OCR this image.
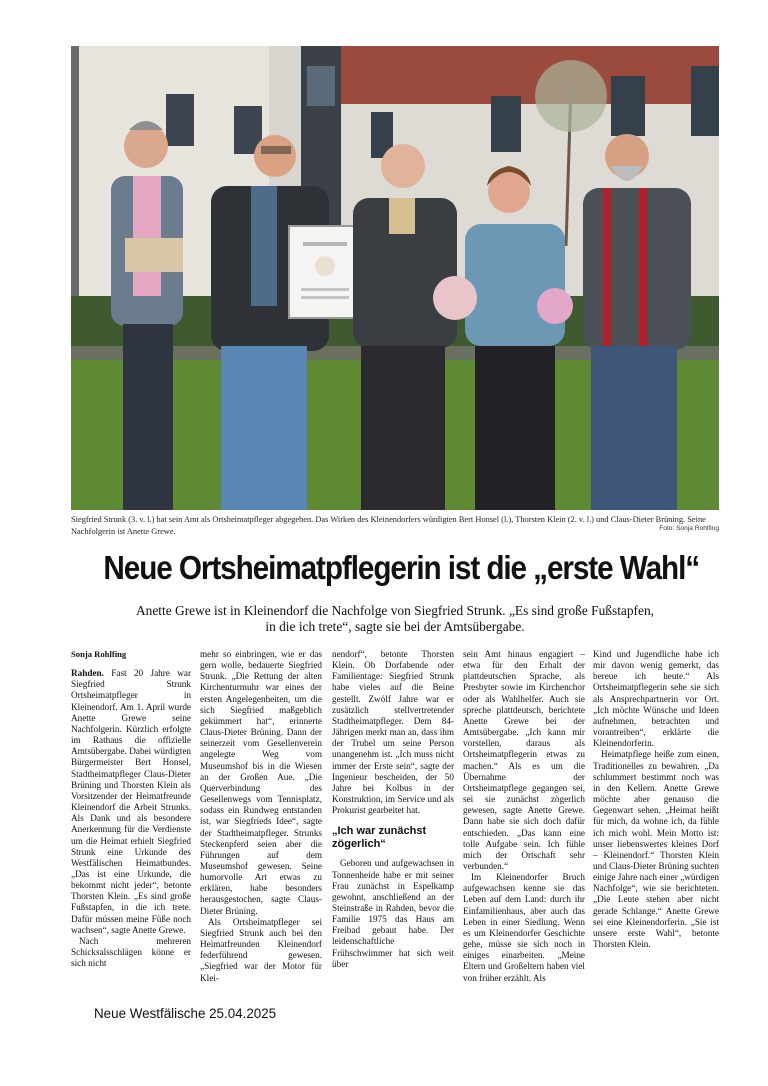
Siegfried Strunk (3. v. l.) hat sein Amt als Ortsheimatpfleger abgegeben. Das Wirken des Kleinendorfers würdigten Bert Honsel (l.), Thorsten Klein (2. v. l.) und Claus-Dieter Brüning. Seine Nachfolgerin ist Anette Grewe.	Foto: Sonja Rohlfing
Neue Ortsheimatpflegerin ist die „erste Wahl“
Anette Grewe ist in Kleinendorf die Nachfolge von Siegfried Strunk. „Es sind große Fußstapfen,
in die ich trete“, sagte sie bei der Amtsübergabe.

Sonja Rohlfing

Rahden. Fast 20 Jahre war Siegfried Strunk Ortsheimatpfleger in Kleinendorf. Am 1. April wurde Anette Grewe seine Nachfolgerin. Kürzlich erfolgte im Rathaus die offizielle Amtsübergabe. Dabei würdigten Bürgermeister Bert Honsel, Stadtheimatpfleger Claus-Dieter Brüning und Thorsten Klein als Vorsitzender der Heimatfreunde Kleinendorf die Arbeit Strunks. Als Dank und als besondere Anerkennung für die Verdienste um die Heimat erhielt Siegfried Strunk eine Urkunde des Westfälischen Heimatbundes. „Das ist eine Urkunde, die bekommt nicht jeder“, betonte Thorsten Klein. „Es sind große Fußstapfen, in die ich trete. Dafür müssen meine Füße noch wachsen“, sagte Anette Grewe.

Nach mehreren Schicksalsschlägen könne er sich nicht

mehr so einbringen, wie er das gern wolle, bedauerte Siegfried Strunk. „Die Rettung der alten Kirchenturmuhr war eines der ersten Angelegenheiten, um die sich Siegfried maßgeblich gekümmert hat“, erinnerte Claus-Dieter Brüning. Dann der seinerzeit vom Gesellenverein angelegte Weg vom Museumshof bis in die Wiesen an der Großen Aue. „Die Querverbindung des Gesellenwegs vom Tennisplatz, sodass ein Rundweg entstanden ist, war Siegfrieds Idee“, sagte der Stadtheimatpfleger. Strunks Steckenpferd seien aber die Führungen auf dem Museumshof gewesen. Seine humorvolle Art etwas zu erklären, habe besonders herausgestochen, sagte Claus-Dieter Brüning.

Als Ortsheimatpfleger sei Siegfried Strunk auch bei den Heimatfreunden Kleinendorf federführend gewesen. „Siegfried war der Motor für Klei-

nendorf“, betonte Thorsten Klein. Ob Dorfabende oder Familientage: Siegfried Strunk habe vieles auf die Beine gestellt. Zwölf Jahre war er zusätzlich stellvertretender Stadtheimatpfleger. Dem 84-Jährigen merkt man an, dass ihm der Trubel um seine Person unangenehm ist. „Ich muss nicht immer der Erste sein“, sagte der Ingenieur bescheiden, der 50 Jahre bei Kolbus in der Konstruktion, im Service und als Prokurist gearbeitet hat.

„Ich war zunächst zögerlich“

Geboren und aufgewachsen in Tonnenheide habe er mit seiner Frau zunächst in Espelkamp gewohnt, anschließend an der Steinstraße in Rahden, bevor die Familie 1975 das Haus am Freibad gebaut habe. Der leidenschaftliche Frühschwimmer hat sich weit über

sein Amt hinaus engagiert – etwa für den Erhalt der plattdeutschen Sprache, als Presbyter sowie im Kirchenchor oder als Wahlhelfer. Auch sie spreche plattdeutsch, berichtete Anette Grewe bei der Amtsübergabe. „Ich kann mir vorstellen, daraus als Ortsheimatpflegerin etwas zu machen.“ Als es um die Übernahme der Ortsheimatpflege gegangen sei, sei sie zunächst zögerlich gewesen, sagte Anette Grewe. Dann habe sie sich doch dafür entschieden. „Das kann eine tolle Aufgabe sein. Ich fühle mich der Ortschaft sehr verbunden.“

Im Kleinendorfer Bruch aufgewachsen kenne sie das Leben auf dem Land: durch ihr Einfamilienhaus, aber auch das Leben in einer Siedlung. Wenn es um Kleinendorfer Geschichte gehe, müsse sie sich noch in einiges einarbeiten. „Meine Eltern und Großeltern haben viel von früher erzählt. Als

Kind und Jugendliche habe ich mir davon wenig gemerkt, das bereue ich heute.“ Als Ortsheimatpflegerin sehe sie sich als Ansprechpartnerin vor Ort. „Ich möchte Wünsche und Ideen aufnehmen, betrachten und vorantreiben“, erklärte die Kleinendorferin.

Heimatpflege heiße zum einen, Traditionelles zu bewahren. „Da schlummert bestimmt noch was in den Kellern. Anette Grewe möchte aber genauso die Gegenwart sehen. „Heimat heißt für mich, da wohne ich, da fühle ich mich wohl. Mein Motto ist: unser liebenswertes kleines Dorf – Kleinendorf.“ Thorsten Klein und Claus-Dieter Brüning suchten einige Jahre nach einer „würdigen Nachfolge“, wie sie berichteten. „Die Leute stehen aber nicht gerade Schlange.“ Anette Grewe sei eine Kleinendorferin. „Sie ist unsere erste Wahl“, betonte Thorsten Klein.

Neue Westfälische 25.04.2025
